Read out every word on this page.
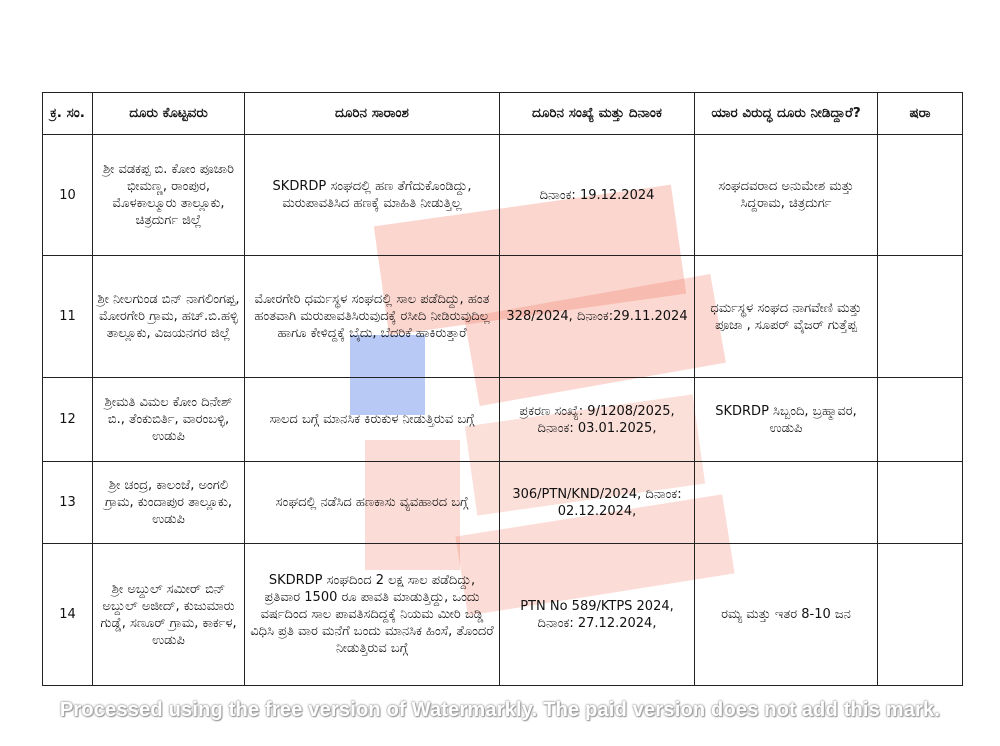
ಕ್ರ. ಸಂ.	ದೂರು ಕೊಟ್ಟವರು	ದೂರಿನ ಸಾರಾಂಶ	ದೂರಿನ ಸಂಖ್ಯೆ ಮತ್ತು ದಿನಾಂಕ	ಯಾರ ವಿರುದ್ಧ ದೂರು ನೀಡಿದ್ದಾರೆ?	ಷರಾ
10	ಶ್ರೀ ವಡಕಪ್ಪ ಬಿ. ಕೋಂ ಪೂಜಾರಿ ಭೀಮಣ್ಣ, ರಾಂಪುರ, ಮೊಳಕಾಲ್ಮೂರು ತಾಲ್ಲೂಕು, ಚಿತ್ರದುರ್ಗ ಜಿಲ್ಲೆ	SKDRDP ಸಂಘದಲ್ಲಿ ಹಣ ತೆಗೆದುಕೊಂಡಿದ್ದು, ಮರುಪಾವತಿಸಿದ ಹಣಕ್ಕೆ ಮಾಹಿತಿ ನೀಡುತ್ತಿಲ್ಲ	ದಿನಾಂಕ: 19.12.2024	ಸಂಘದವರಾದ ಅನುಮೇಶ ಮತ್ತು ಸಿದ್ದರಾಮ, ಚಿತ್ರದುರ್ಗ	
11	ಶ್ರೀ ನೀಲಗುಂಡ ಬಿನ್ ನಾಗಲಿಂಗಪ್ಪ, ಮೋರಗೇರಿ ಗ್ರಾಮ, ಹಚ್.ಬಿ.ಹಳ್ಳಿ ತಾಲ್ಲೂಕು, ವಿಜಯನಗರ ಜಿಲ್ಲೆ	ಮೋರಗೇರಿ ಧರ್ಮಸ್ಥಳ ಸಂಘದಲ್ಲಿ ಸಾಲ ಪಡೆದಿದ್ದು, ಹಂತ ಹಂತವಾಗಿ ಮರುಪಾವತಿಸಿರುವುದಕ್ಕೆ ರಸೀದಿ ನೀಡಿರುವುದಿಲ್ಲ ಹಾಗೂ ಕೇಳಿದ್ದಕ್ಕೆ ಬೈದು, ಬೆದರಿಕೆ ಹಾಕಿರುತ್ತಾರೆ	328/2024, ದಿನಾಂಕ:29.11.2024	ಧರ್ಮಸ್ಥಳ ಸಂಘದ ನಾಗವೇಣಿ ಮತ್ತು ಪೂಜಾ , ಸೂಪರ್ ವೈಜರ್ ಗುತ್ತೆಪ್ಪ	
12	ಶ್ರೀಮತಿ ವಿಮಲ ಕೋಂ ದಿನೇಶ್ ಬಿ., ತೆಂಕುಬಿರ್ತಿ, ವಾರಂಬಳ್ಳಿ, ಉಡುಪಿ	ಸಾಲದ ಬಗ್ಗೆ ಮಾನಸಿಕ ಕಿರುಕುಳ ನೀಡುತ್ತಿರುವ ಬಗ್ಗೆ	ಪ್ರಕರಣ ಸಂಖ್ಯೆ: 9/1208/2025, ದಿನಾಂಕ: 03.01.2025,	SKDRDP ಸಿಬ್ಬಂದಿ, ಬ್ರಹ್ಮಾವರ, ಉಡುಪಿ	
13	ಶ್ರೀ ಚಂದ್ರ, ಕಾಲಂಜೆ, ಅಂಗಲಿ ಗ್ರಾಮ, ಕುಂದಾಪುರ ತಾಲ್ಲೂಕು, ಉಡುಪಿ	ಸಂಘದಲ್ಲಿ ನಡೆಸಿದ ಹಣಕಾಸು ವ್ಯವಹಾರದ ಬಗ್ಗೆ	306/PTN/KND/2024, ದಿನಾಂಕ: 02.12.2024,		
14	ಶ್ರೀ ಅಬ್ದುಲ್ ಸಮೀರ್ ಬಿನ್ ಅಬ್ದುಲ್ ಅಜೀದ್, ಕುಜುಮಾರು ಗುಡ್ಡೆ, ಸಣೂರ್ ಗ್ರಾಮ, ಕಾರ್ಕಳ, ಉಡುಪಿ	SKDRDP ಸಂಘದಿಂದ 2 ಲಕ್ಷ ಸಾಲ ಪಡೆದಿದ್ದು, ಪ್ರತಿವಾರ 1500 ರೂ ಪಾವತಿ ಮಾಡುತ್ತಿದ್ದು, ಒಂದು ವರ್ಷದಿಂದ ಸಾಲ ಪಾವತಿಸದಿದ್ದಕ್ಕೆ ನಿಯಮ ಮೀರಿ ಬಡ್ಡಿ ವಿಧಿಸಿ ಪ್ರತಿ ವಾರ ಮನೆಗೆ ಬಂದು ಮಾನಸಿಕ ಹಿಂಸೆ, ತೊಂದರೆ ನೀಡುತ್ತಿರುವ ಬಗ್ಗೆ	PTN No 589/KTPS 2024, ದಿನಾಂಕ: 27.12.2024,	ರಮ್ಯ ಮತ್ತು ಇತರ 8-10 ಜನ	
Processed using the free version of Watermarkly. The paid version does not add this mark.
